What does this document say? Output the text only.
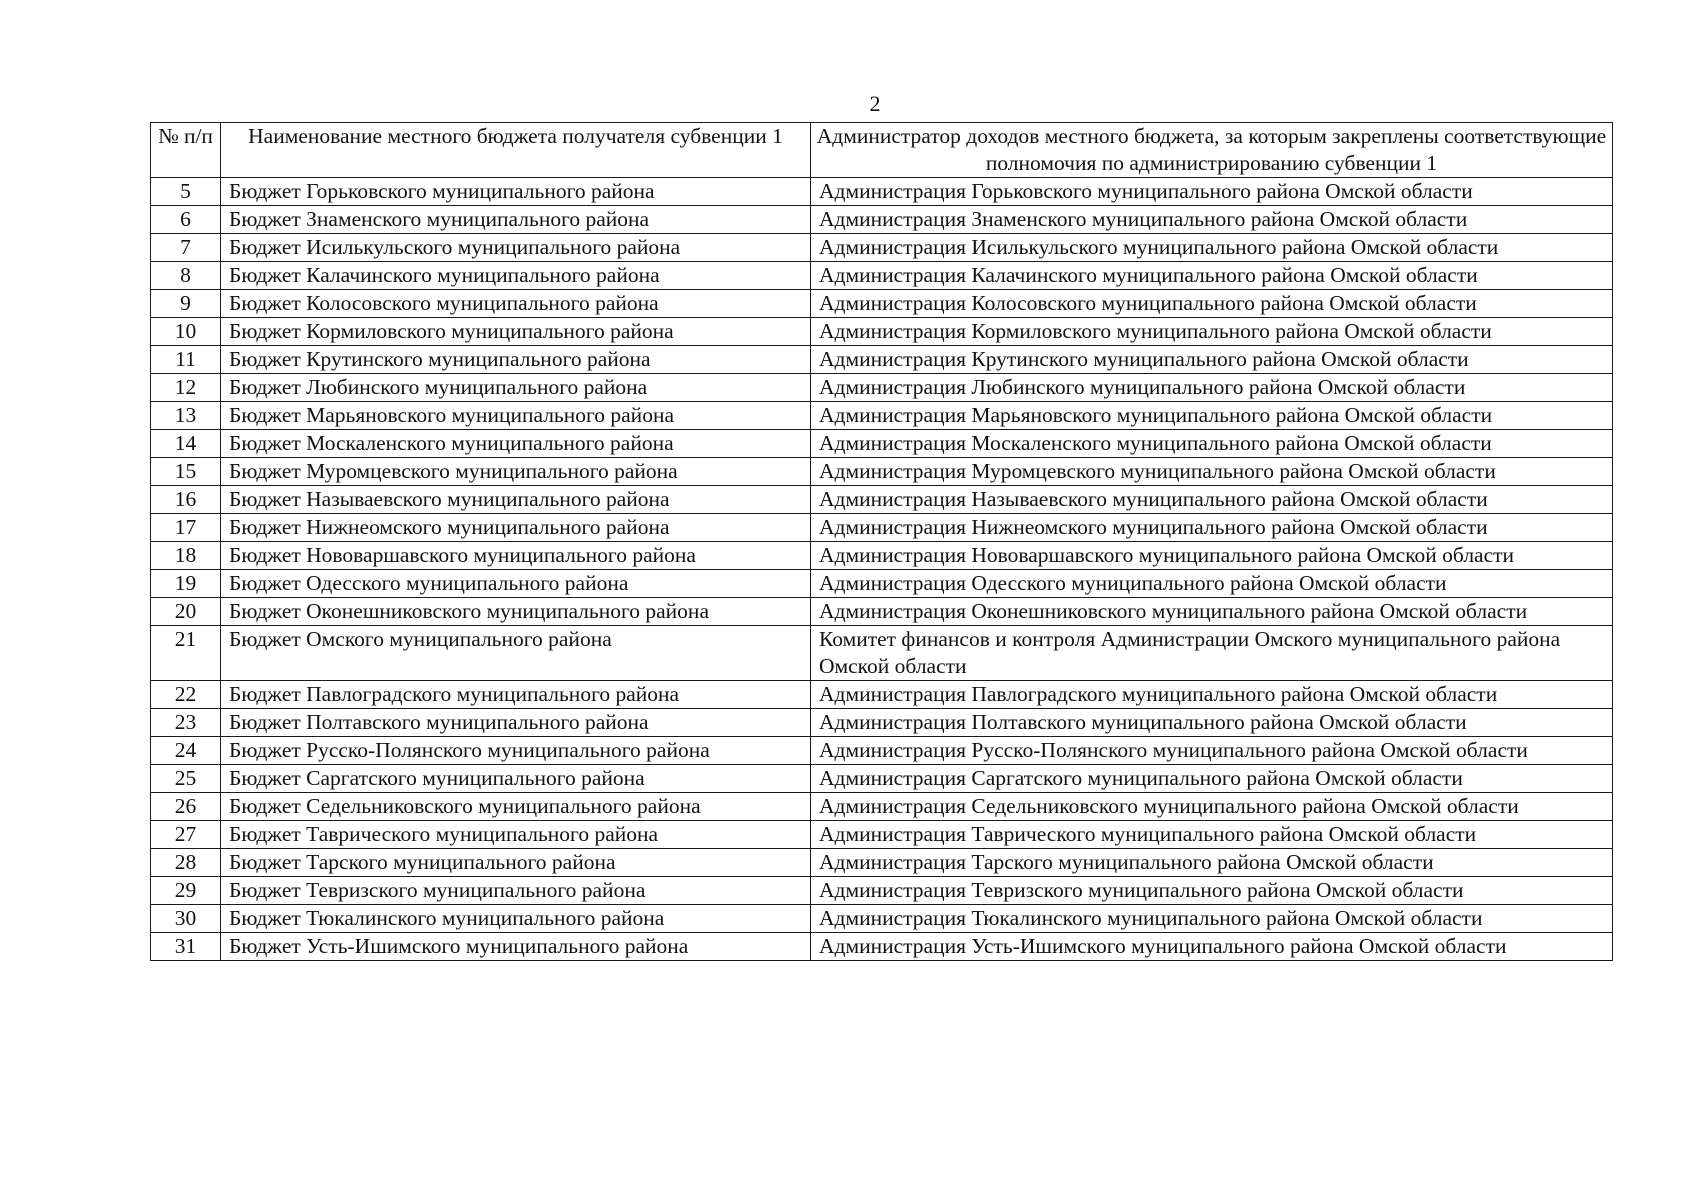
2
№ п/п	Наименование местного бюджета получателя субвенции 1	Администратор доходов местного бюджета, за которым закреплены соответствующие полномочия по администрированию субвенции 1
5	Бюджет Горьковского муниципального района	Администрация Горьковского муниципального района Омской области
6	Бюджет Знаменского муниципального района	Администрация Знаменского муниципального района Омской области
7	Бюджет Исилькульского муниципального района	Администрация Исилькульского муниципального района Омской области
8	Бюджет Калачинского муниципального района	Администрация Калачинского муниципального района Омской области
9	Бюджет Колосовского муниципального района	Администрация Колосовского муниципального района Омской области
10	Бюджет Кормиловского муниципального района	Администрация Кормиловского муниципального района Омской области
11	Бюджет Крутинского муниципального района	Администрация Крутинского муниципального района Омской области
12	Бюджет Любинского муниципального района	Администрация Любинского муниципального района Омской области
13	Бюджет Марьяновского муниципального района	Администрация Марьяновского муниципального района Омской области
14	Бюджет Москаленского муниципального района	Администрация Москаленского муниципального района Омской области
15	Бюджет Муромцевского муниципального района	Администрация Муромцевского муниципального района Омской области
16	Бюджет Называевского муниципального района	Администрация Называевского муниципального района Омской области
17	Бюджет Нижнеомского муниципального района	Администрация Нижнеомского муниципального района Омской области
18	Бюджет Нововаршавского муниципального района	Администрация Нововаршавского муниципального района Омской области
19	Бюджет Одесского муниципального района	Администрация Одесского муниципального района Омской области
20	Бюджет Оконешниковского муниципального района	Администрация Оконешниковского муниципального района Омской области
21	Бюджет Омского муниципального района	Комитет финансов и контроля Администрации Омского муниципального района Омской области
22	Бюджет Павлоградского муниципального района	Администрация Павлоградского муниципального района Омской области
23	Бюджет Полтавского муниципального района	Администрация Полтавского муниципального района Омской области
24	Бюджет Русско-Полянского муниципального района	Администрация Русско-Полянского муниципального района Омской области
25	Бюджет Саргатского муниципального района	Администрация Саргатского муниципального района Омской области
26	Бюджет Седельниковского муниципального района	Администрация Седельниковского муниципального района Омской области
27	Бюджет Таврического муниципального района	Администрация Таврического муниципального района Омской области
28	Бюджет Тарского муниципального района	Администрация Тарского муниципального района Омской области
29	Бюджет Тевризского муниципального района	Администрация Тевризского муниципального района Омской области
30	Бюджет Тюкалинского муниципального района	Администрация Тюкалинского муниципального района Омской области
31	Бюджет Усть-Ишимского муниципального района	Администрация Усть-Ишимского муниципального района Омской области
